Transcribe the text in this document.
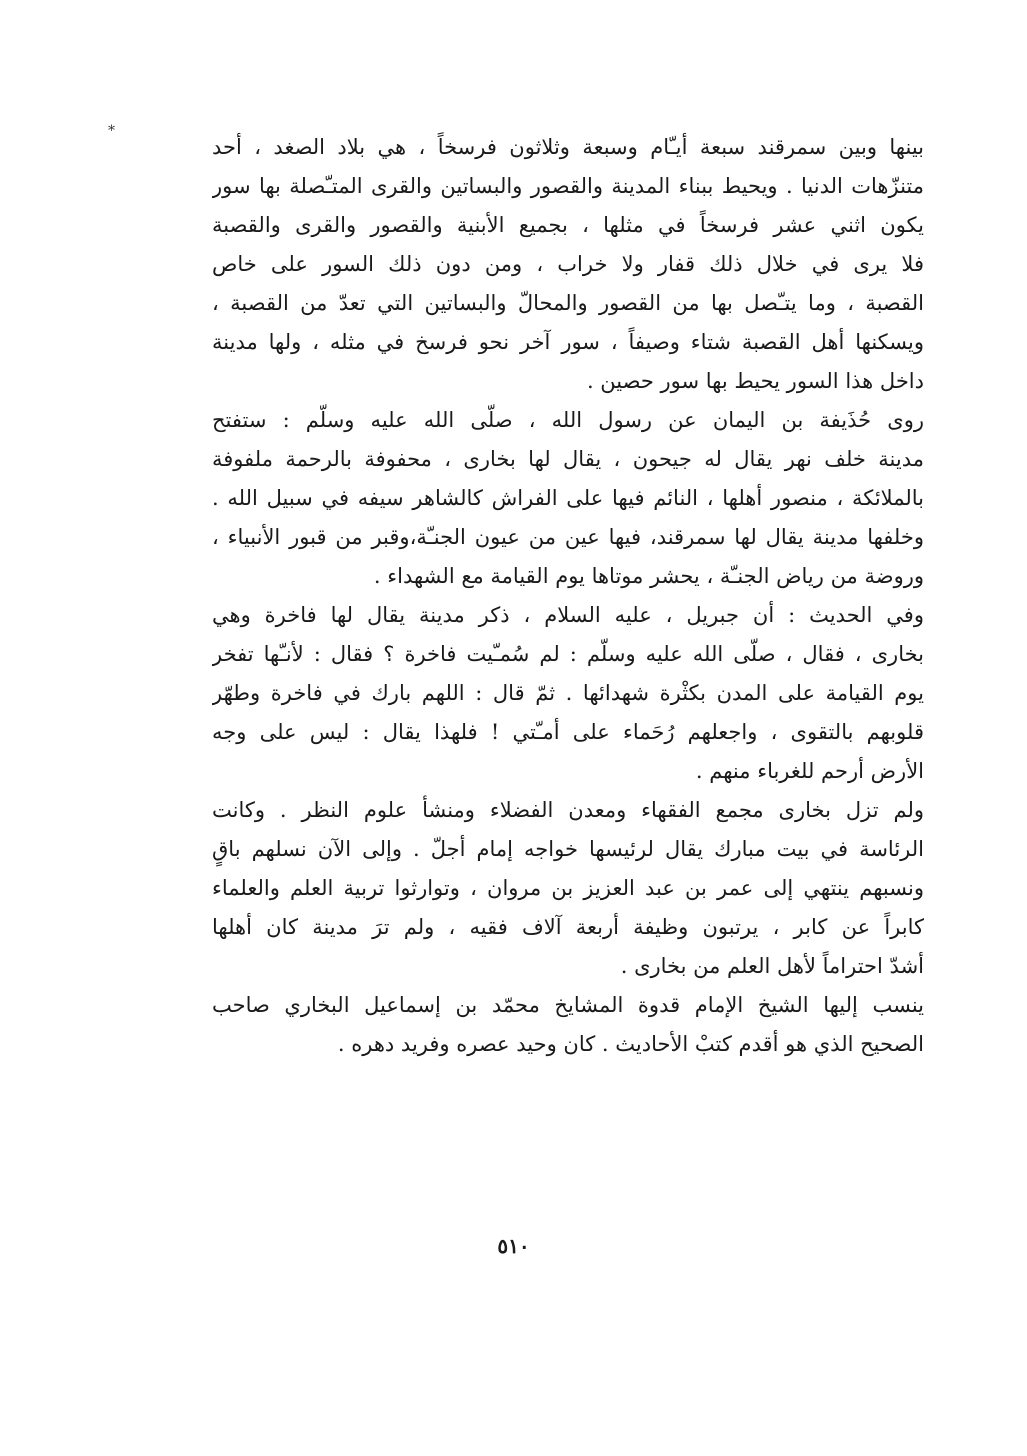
*
بينها وبين سمرقند سبعة أيـّام وسبعة وثلاثون فرسخاً ، هي بلاد الصغد ، أحد
متنزّهات الدنيا . ويحيط ببناء المدينة والقصور والبساتين والقرى المتـّصلة بها سور
يكون اثني عشر فرسخاً في مثلها ، بجميع الأبنية والقصور والقرى والقصبة
فلا يرى في خلال ذلك قفار ولا خراب ، ومن دون ذلك السور على خاص
القصبة ، وما يتـّصل بها من القصور والمحالّ والبساتين التي تعدّ من القصبة ،
ويسكنها أهل القصبة شتاء وصيفاً ، سور آخر نحو فرسخ في مثله ، ولها مدينة
داخل هذا السور يحيط بها سور حصين .
روى حُذَيفة بن اليمان عن رسول الله ، صلّى الله عليه وسلّم : ستفتح
مدينة خلف نهر يقال له جيحون ، يقال لها بخارى ، محفوفة بالرحمة ملفوفة
بالملائكة ، منصور أهلها ، النائم فيها على الفراش كالشاهر سيفه في سبيل الله .
وخلفها مدينة يقال لها سمرقند، فيها عين من عيون الجنـّة،وقبر من قبور الأنبياء ،
وروضة من رياض الجنـّة ، يحشر موتاها يوم القيامة مع الشهداء .
وفي الحديث : أن جبريل ، عليه السلام ، ذكر مدينة يقال لها فاخرة وهي
بخارى ، فقال ، صلّى الله عليه وسلّم : لم سُمـّيت فاخرة ؟ فقال : لأنـّها تفخر
يوم القيامة على المدن بكثْرة شهدائها . ثمّ قال : اللهم بارك في فاخرة وطهّر
قلوبهم بالتقوى ، واجعلهم رُحَماء على أمـّتي ! فلهذا يقال : ليس على وجه
الأرض أرحم للغرباء منهم .
ولم تزل بخارى مجمع الفقهاء ومعدن الفضلاء ومنشأ علوم النظر . وكانت
الرئاسة في بيت مبارك يقال لرئيسها خواجه إمام أجلّ . وإلى الآن نسلهم باقٍ
ونسبهم ينتهي إلى عمر بن عبد العزيز بن مروان ، وتوارثوا تربية العلم والعلماء
كابراً عن كابر ، يرتبون وظيفة أربعة آلاف فقيه ، ولم ترَ مدينة كان أهلها
أشدّ احتراماً لأهل العلم من بخارى .
ينسب إليها الشيخ الإمام قدوة المشايخ محمّد بن إسماعيل البخاري صاحب
الصحيح الذي هو أقدم كتبْ الأحاديث . كان وحيد عصره وفريد دهره .
٥١٠
